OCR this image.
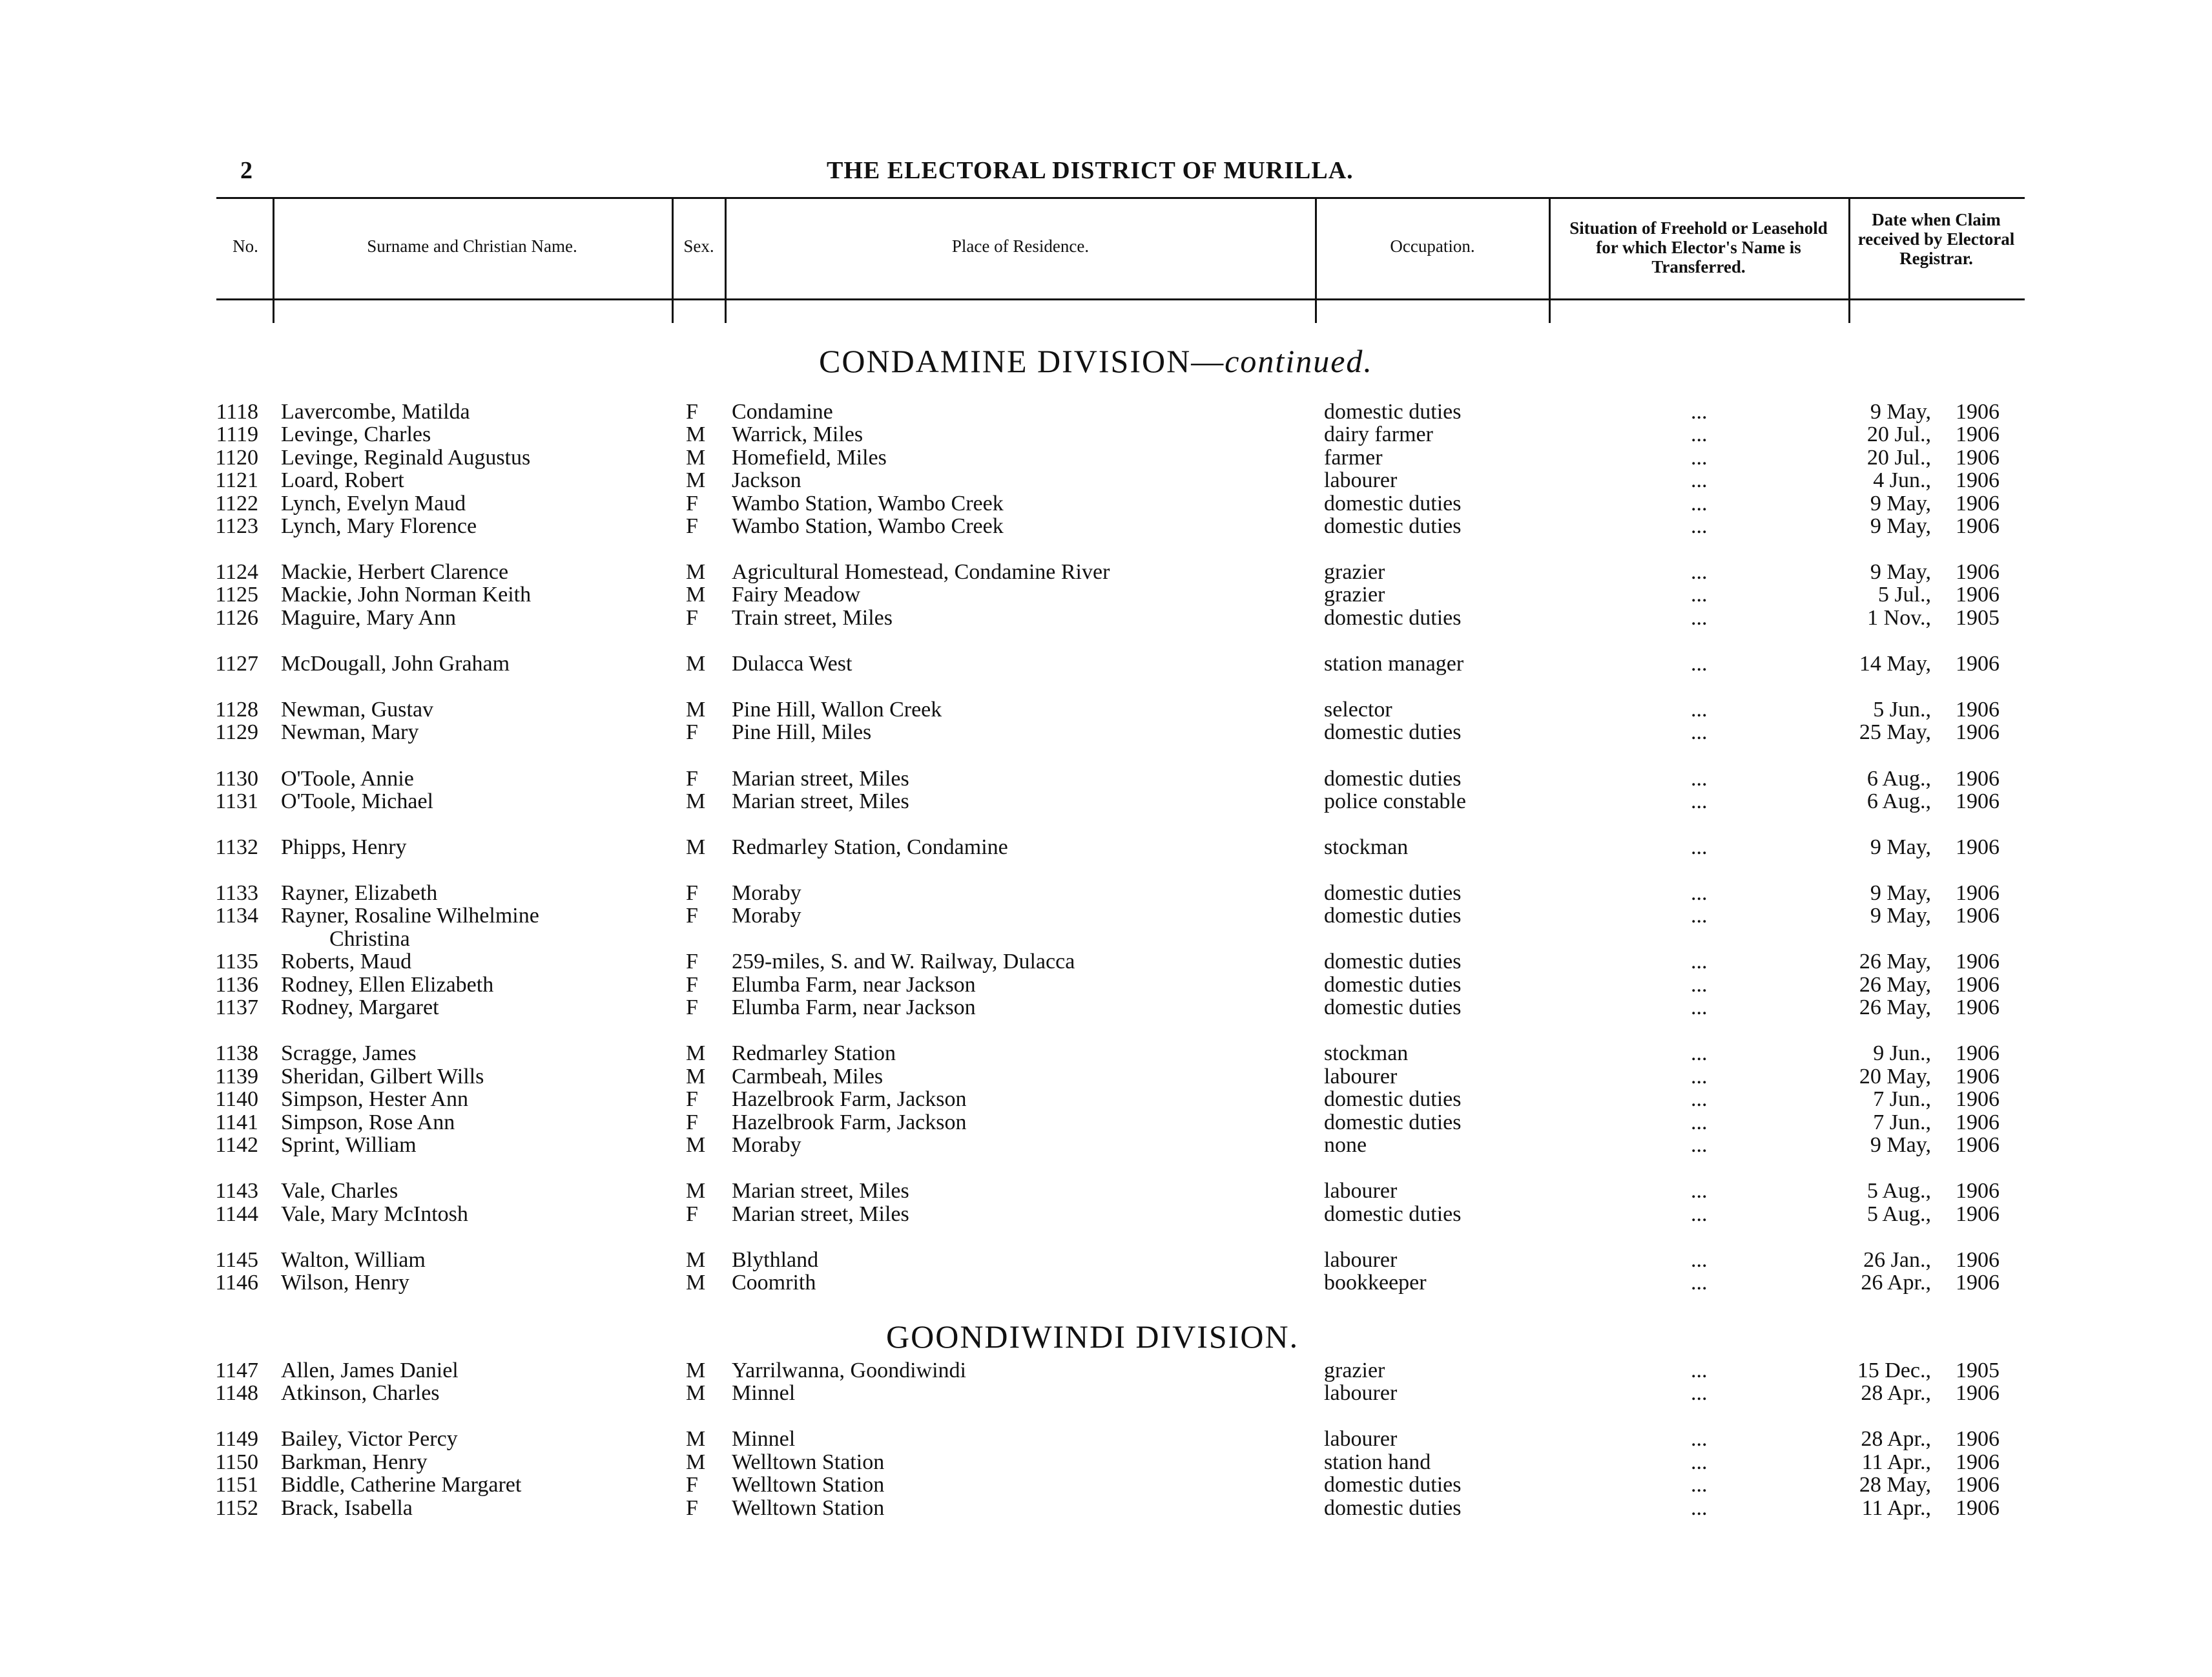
2	THE ELECTORAL DISTRICT OF MURILLA.
No.	Surname and Christian Name.	Sex.	Place of Residence.	Occupation.
Situation of Freehold or Leasehold for which Elector's Name is Transferred.
Date when Claim received by Electoral Registrar.
CONDAMINE DIVISION—continued.
GOONDIWINDI DIVISION.
1118 Lavercombe, Matilda	F Condamine	domestic duties	...	9 May, 1906
1119 Levinge, Charles	M Warrick, Miles	dairy farmer	...	20 Jul., 1906
1120 Levinge, Reginald Augustus	M Homefield, Miles	farmer	...	20 Jul., 1906
1121 Loard, Robert	M Jackson	labourer	...	4 Jun., 1906
1122 Lynch, Evelyn Maud	F Wambo Station, Wambo Creek	domestic duties	...	9 May, 1906
1123 Lynch, Mary Florence	F Wambo Station, Wambo Creek	domestic duties	...	9 May, 1906
1124 Mackie, Herbert Clarence	M Agricultural Homestead, Condamine River	grazier	...	9 May, 1906
1125 Mackie, John Norman Keith	M Fairy Meadow	grazier	...	5 Jul., 1906
1126 Maguire, Mary Ann	F Train street, Miles	domestic duties	...	1 Nov., 1905
1127 McDougall, John Graham	M Dulacca West	station manager	...	14 May, 1906
1128 Newman, Gustav	M Pine Hill, Wallon Creek	selector	...	5 Jun., 1906
1129 Newman, Mary	F Pine Hill, Miles	domestic duties	...	25 May, 1906
1130 O'Toole, Annie	F Marian street, Miles	domestic duties	...	6 Aug., 1906
1131 O'Toole, Michael	M Marian street, Miles	police constable	...	6 Aug., 1906
1132 Phipps, Henry	M Redmarley Station, Condamine	stockman	...	9 May, 1906
1133 Rayner, Elizabeth	F Moraby	domestic duties	...	9 May, 1906
1134 Rayner, Rosaline Wilhelmine	F Moraby	domestic duties	...	9 May, 1906
Christina
1135 Roberts, Maud	F 259-miles, S. and W. Railway, Dulacca	domestic duties	...	26 May, 1906
1136 Rodney, Ellen Elizabeth	F Elumba Farm, near Jackson	domestic duties	...	26 May, 1906
1137 Rodney, Margaret	F Elumba Farm, near Jackson	domestic duties	...	26 May, 1906
1138 Scragge, James	M Redmarley Station	stockman	...	9 Jun., 1906
1139 Sheridan, Gilbert Wills	M Carmbeah, Miles	labourer	...	20 May, 1906
1140 Simpson, Hester Ann	F Hazelbrook Farm, Jackson	domestic duties	...	7 Jun., 1906
1141 Simpson, Rose Ann	F Hazelbrook Farm, Jackson	domestic duties	...	7 Jun., 1906
1142 Sprint, William	M Moraby	none	...	9 May, 1906
1143 Vale, Charles	M Marian street, Miles	labourer	...	5 Aug., 1906
1144 Vale, Mary McIntosh	F Marian street, Miles	domestic duties	...	5 Aug., 1906
1145 Walton, William	M Blythland	labourer	...	26 Jan., 1906
1146 Wilson, Henry	M Coomrith	bookkeeper	...	26 Apr., 1906
1147 Allen, James Daniel	M Yarrilwanna, Goondiwindi	grazier	...	15 Dec., 1905
1148 Atkinson, Charles	M Minnel	labourer	...	28 Apr., 1906
1149 Bailey, Victor Percy	M Minnel	labourer	...	28 Apr., 1906
1150 Barkman, Henry	M Welltown Station	station hand	...	11 Apr., 1906
1151 Biddle, Catherine Margaret	F Welltown Station	domestic duties	...	28 May, 1906
1152 Brack, Isabella	F Welltown Station	domestic duties	...	11 Apr., 1906
